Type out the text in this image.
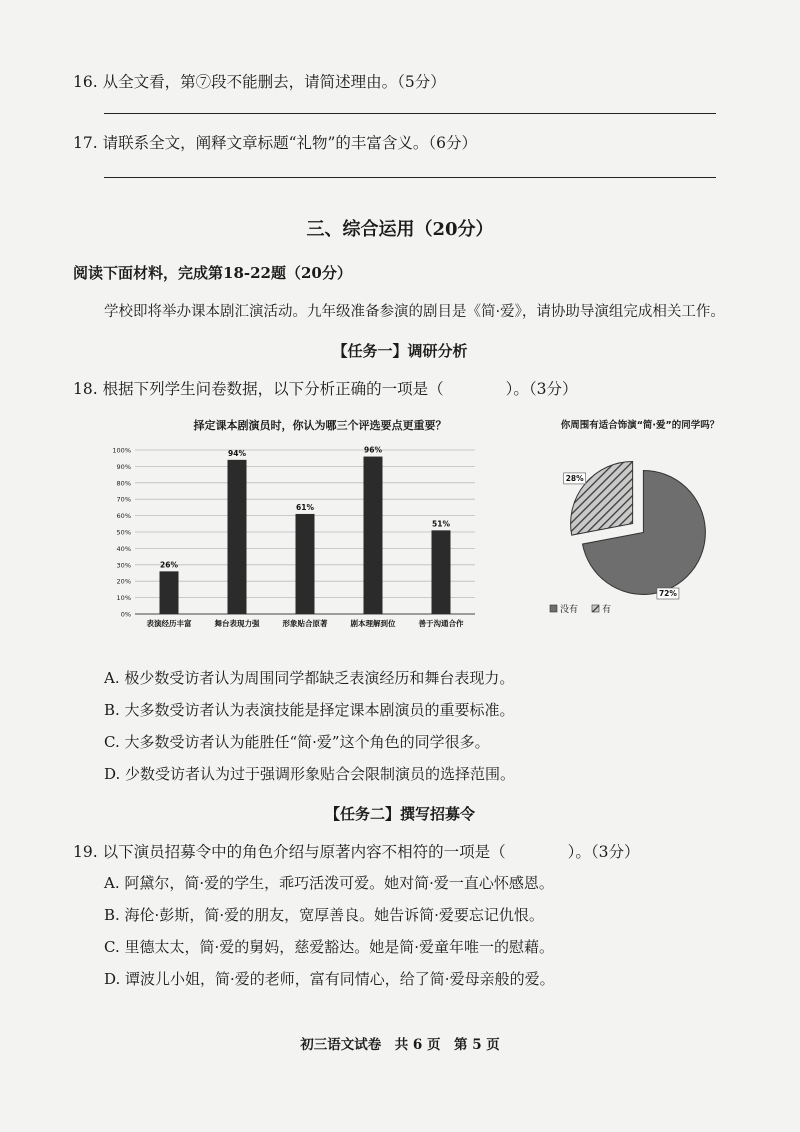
16. 从全文看，第⑦段不能删去，请简述理由。（5分）
17. 请联系全文，阐释文章标题“礼物”的丰富含义。（6分）
三、综合运用（20分）
阅读下面材料，完成第18-22题（20分）
学校即将举办课本剧汇演活动。九年级准备参演的剧目是《简·爱》，请协助导演组完成相关工作。
【任务一】调研分析
18. 根据下列学生问卷数据，以下分析正确的一项是（　　　　）。（3分）
择定课本剧演员时，你认为哪三个评选要点更重要？
0%
10%
20%
30%
40%
50%
60%
70%
80%
90%
100%
26%
94%
61%
96%
51%
表演经历丰富	舞台表现力强	形象贴合原著	剧本理解到位	善于沟通合作
你周围有适合饰演“简·爱”的同学吗？
72%
28%
没有	有
A. 极少数受访者认为周围同学都缺乏表演经历和舞台表现力。
B. 大多数受访者认为表演技能是择定课本剧演员的重要标准。
C. 大多数受访者认为能胜任“简·爱”这个角色的同学很多。
D. 少数受访者认为过于强调形象贴合会限制演员的选择范围。
【任务二】撰写招募令
19. 以下演员招募令中的角色介绍与原著内容不相符的一项是（　　　　）。（3分）
A. 阿黛尔，简·爱的学生，乖巧活泼可爱。她对简·爱一直心怀感恩。
B. 海伦·彭斯，简·爱的朋友，宽厚善良。她告诉简·爱要忘记仇恨。
C. 里德太太，简·爱的舅妈，慈爱豁达。她是简·爱童年唯一的慰藉。
D. 谭波儿小姐，简·爱的老师，富有同情心，给了简·爱母亲般的爱。
初三语文试卷　共 6 页　第 5 页
